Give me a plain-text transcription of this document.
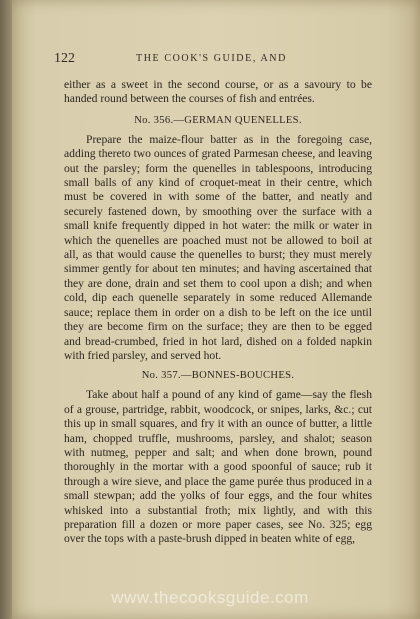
122	THE COOK'S GUIDE, AND

either as a sweet in the second course, or as a savoury to be handed round between the courses of fish and entrées.

No. 356.—GERMAN QUENELLES.

Prepare the maize-flour batter as in the foregoing case, adding thereto two ounces of grated Parmesan cheese, and leaving out the parsley; form the quenelles in tablespoons, introducing small balls of any kind of croquet-meat in their centre, which must be covered in with some of the batter, and neatly and securely fastened down, by smoothing over the surface with a small knife frequently dipped in hot water: the milk or water in which the quenelles are poached must not be allowed to boil at all, as that would cause the quenelles to burst; they must merely simmer gently for about ten minutes; and having ascertained that they are done, drain and set them to cool upon a dish; and when cold, dip each quenelle separately in some reduced Allemande sauce; replace them in order on a dish to be left on the ice until they are become firm on the surface; they are then to be egged and bread-crumbed, fried in hot lard, dished on a folded napkin with fried parsley, and served hot.

No. 357.—BONNES-BOUCHES.

Take about half a pound of any kind of game—say the flesh of a grouse, partridge, rabbit, woodcock, or snipes, larks, &c.; cut this up in small squares, and fry it with an ounce of butter, a little ham, chopped truffle, mushrooms, parsley, and shalot; season with nutmeg, pepper and salt; and when done brown, pound thoroughly in the mortar with a good spoonful of sauce; rub it through a wire sieve, and place the game purée thus produced in a small stewpan; add the yolks of four eggs, and the four whites whisked into a substantial froth; mix lightly, and with this preparation fill a dozen or more paper cases, see No. 325; egg over the tops with a paste-brush dipped in beaten white of egg,

www.thecooksguide.com
